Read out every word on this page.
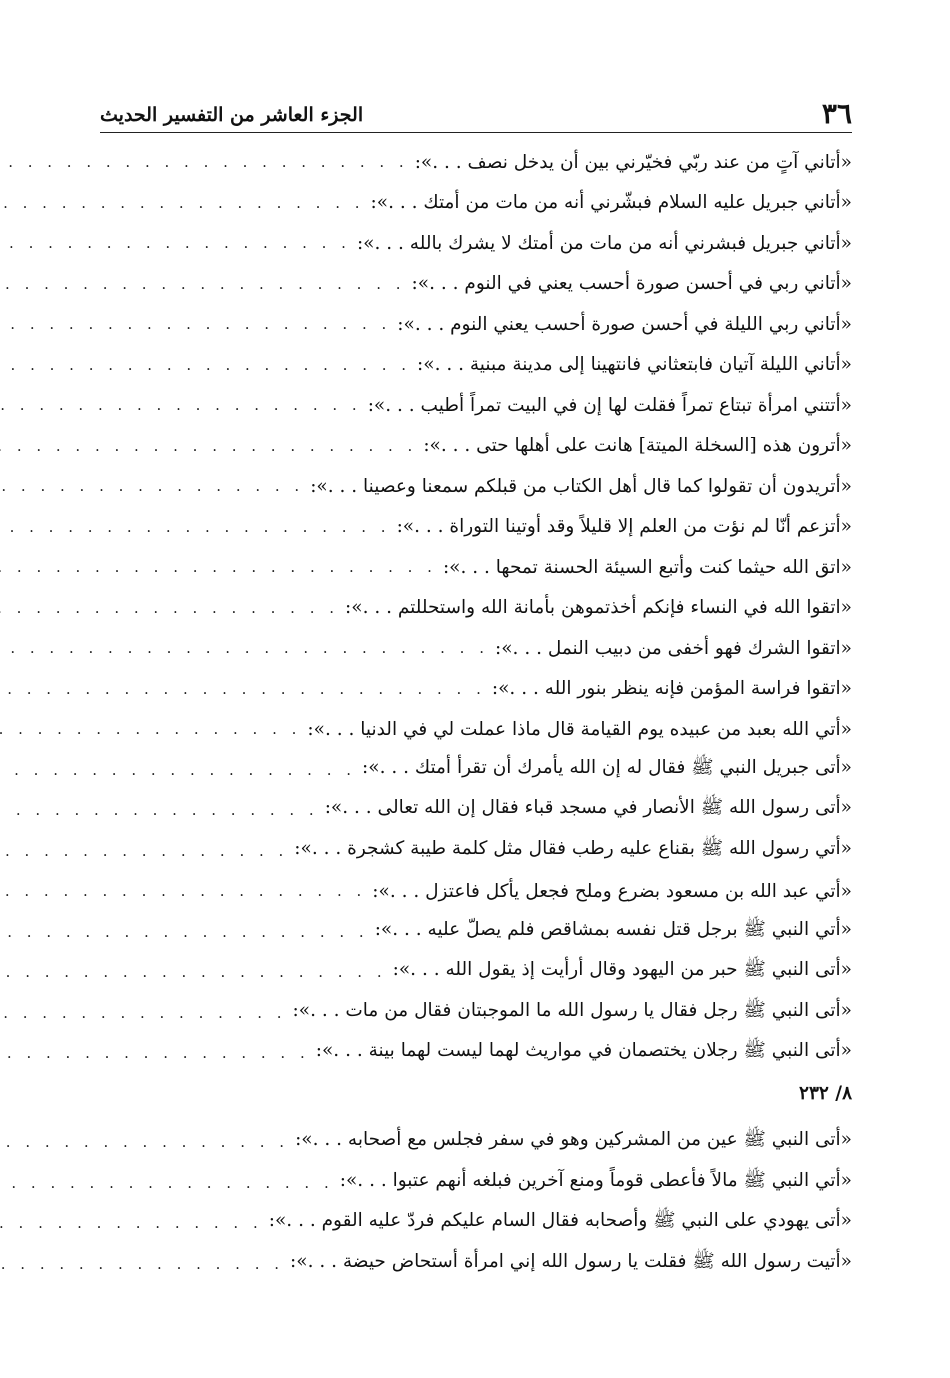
٣٦
الجزء العاشر من التفسير الحديث
«أتاني آتٍ من عند ربّي فخيّرني بين أن يدخل نصف . . .»:
. . .
«أتاني جبريل عليه السلام فبشّرني أنه من مات من أمتك . . .»:
. . .
«أتاني جبريل فبشرني أنه من مات من أمتك لا يشرك بالله . . .»:
. . .
«أتاني ربي في أحسن صورة أحسب يعني في النوم . . .»:
. . .
«أتاني ربي الليلة في أحسن صورة أحسب يعني النوم . . .»:
. . .
«أتاني الليلة آتيان فابتعثاني فانتهينا إلى مدينة مبنية . . .»:
. . .
«أتتني امرأة تبتاع تمراً فقلت لها إن في البيت تمراً أطيب . . .»:
. . .
«أترون هذه [السخلة الميتة] هانت على أهلها حتى . . .»:
. . .
«أتريدون أن تقولوا كما قال أهل الكتاب من قبلكم سمعنا وعصينا . . .»:
. . .
«أتزعم أنّا لم نؤت من العلم إلا قليلاً وقد أوتينا التوراة . . .»:
. . .
«اتق الله حيثما كنت وأتبع السيئة الحسنة تمحها . . .»:
. . .
«اتقوا الله في النساء فإنكم أخذتموهن بأمانة الله واستحللتم . . .»:
. . .
«اتقوا الشرك فهو أخفى من دبيب النمل . . .»:
. . .
«اتقوا فراسة المؤمن فإنه ينظر بنور الله . . .»:
. . .
«أتي الله بعبد من عبيده يوم القيامة قال ماذا عملت لي في الدنيا . . .»:
. . .
«أتى جبريل النبي ﷺ فقال له إن الله يأمرك أن تقرأ أمتك . . .»:
. . .
«أتى رسول الله ﷺ الأنصار في مسجد قباء فقال إن الله تعالى . . .»:
. . .
«أتي رسول الله ﷺ بقناع عليه رطب فقال مثل كلمة طيبة كشجرة . . .»:
. . .
«أتي عبد الله بن مسعود بضرع وملح فجعل يأكل فاعتزل . . .»:
. . .
«أتي النبي ﷺ برجل قتل نفسه بمشاقص فلم يصلّ عليه . . .»:
. . .
«أتى النبي ﷺ حبر من اليهود وقال أرأيت إذ يقول الله . . .»:
. . .
«أتى النبي ﷺ رجل فقال يا رسول الله ما الموجبتان فقال من مات . . .»:
. . .
«أتى النبي ﷺ رجلان يختصمان في مواريث لهما ليست لهما بينة . . .»:
. . .
٨/ ٢٣٢
«أتى النبي ﷺ عين من المشركين وهو في سفر فجلس مع أصحابه . . .»:
. . .
«أتي النبي ﷺ مالاً فأعطى قوماً ومنع آخرين فبلغه أنهم عتبوا . . .»:
. . .
«أتى يهودي على النبي ﷺ وأصحابه فقال السام عليكم فردّ عليه القوم . . .»:
. . .
«أتيت رسول الله ﷺ فقلت يا رسول الله إني امرأة أستحاض حيضة . . .»:
. . .
